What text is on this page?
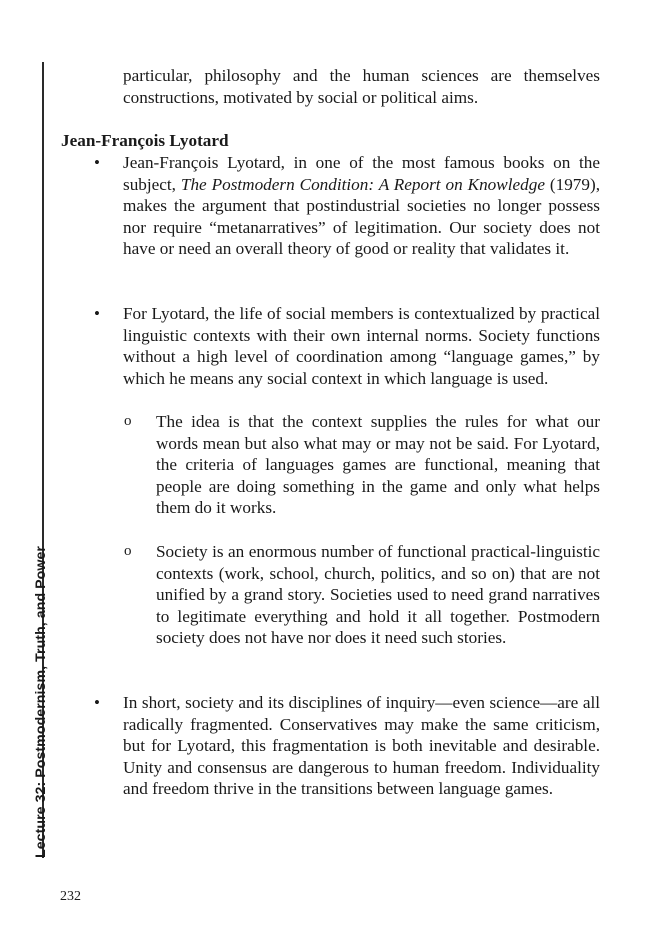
Lecture 32: Postmodernism, Truth, and Power
particular, philosophy and the human sciences are themselves constructions, motivated by social or political aims.
Jean-François Lyotard
• Jean-François Lyotard, in one of the most famous books on the subject, The Postmodern Condition: A Report on Knowledge (1979), makes the argument that postindustrial societies no longer possess nor require “metanarratives” of legitimation. Our society does not have or need an overall theory of good or reality that validates it.
• For Lyotard, the life of social members is contextualized by practical linguistic contexts with their own internal norms. Society functions without a high level of coordination among “language games,” by which he means any social context in which language is used.
o The idea is that the context supplies the rules for what our words mean but also what may or may not be said. For Lyotard, the criteria of languages games are functional, meaning that people are doing something in the game and only what helps them do it works.
o Society is an enormous number of functional practical-linguistic contexts (work, school, church, politics, and so on) that are not unified by a grand story. Societies used to need grand narratives to legitimate everything and hold it all together. Postmodern society does not have nor does it need such stories.
• In short, society and its disciplines of inquiry—even science—are all radically fragmented. Conservatives may make the same criticism, but for Lyotard, this fragmentation is both inevitable and desirable. Unity and consensus are dangerous to human freedom. Individuality and freedom thrive in the transitions between language games.
232
